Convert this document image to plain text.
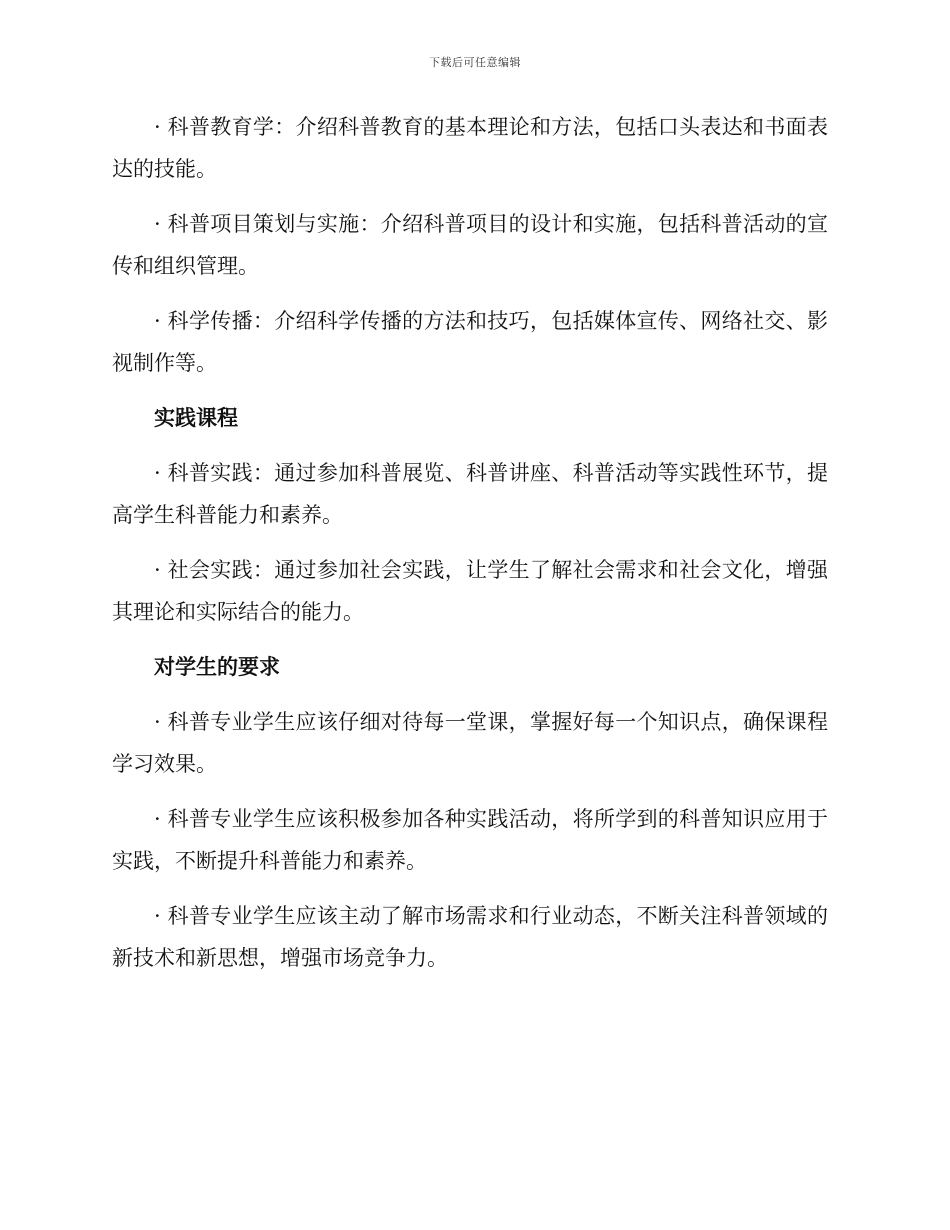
下载后可任意编辑

· 科普教育学：介绍科普教育的基本理论和方法，包括口头表达和书面表达的技能。

· 科普项目策划与实施：介绍科普项目的设计和实施，包括科普活动的宣传和组织管理。

· 科学传播：介绍科学传播的方法和技巧，包括媒体宣传、网络社交、影视制作等。

实践课程

· 科普实践：通过参加科普展览、科普讲座、科普活动等实践性环节，提高学生科普能力和素养。

· 社会实践：通过参加社会实践，让学生了解社会需求和社会文化，增强其理论和实际结合的能力。

对学生的要求

· 科普专业学生应该仔细对待每一堂课，掌握好每一个知识点，确保课程学习效果。

· 科普专业学生应该积极参加各种实践活动，将所学到的科普知识应用于实践，不断提升科普能力和素养。

· 科普专业学生应该主动了解市场需求和行业动态，不断关注科普领域的新技术和新思想，增强市场竞争力。
